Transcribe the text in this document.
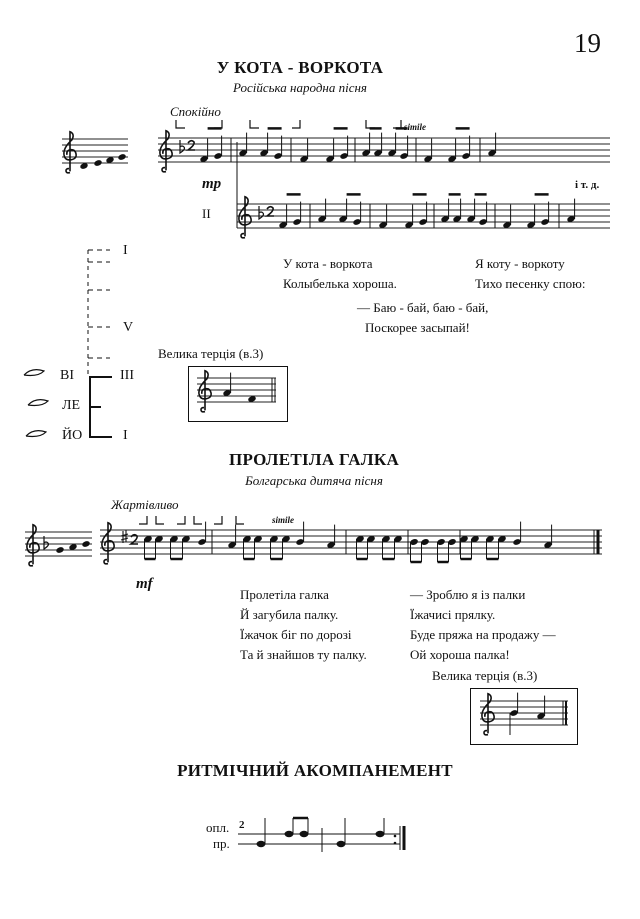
19
У КОТА - ВОРКОТА
Російська народна пісня
Спокійно
simile
mp	і т. д.
II
У кота - воркота
Колыбелька хороша.
Я коту - воркоту
Тихо песенку спою:
— Баю - бай, баю - бай,
Поскорее засыпай!
I
V
III
I
ВІ
ЛЕ
ЙО
Велика терція (в.3)
ПРОЛЕТІЛА ГАЛКА
Болгарська дитяча пісня
Жартівливо
simile
mf
Пролетіла галка
Й загубила палку.
Їжачок біг по дорозі
Та й знайшов ту палку.
— Зроблю я із палки
Їжачисі прялку.
Буде пряжа на продажу —
Ой хороша палка!
Велика терція (в.3)
РИТМІЧНИЙ АКОМПАНЕМЕНТ
опл.
пр.
2
